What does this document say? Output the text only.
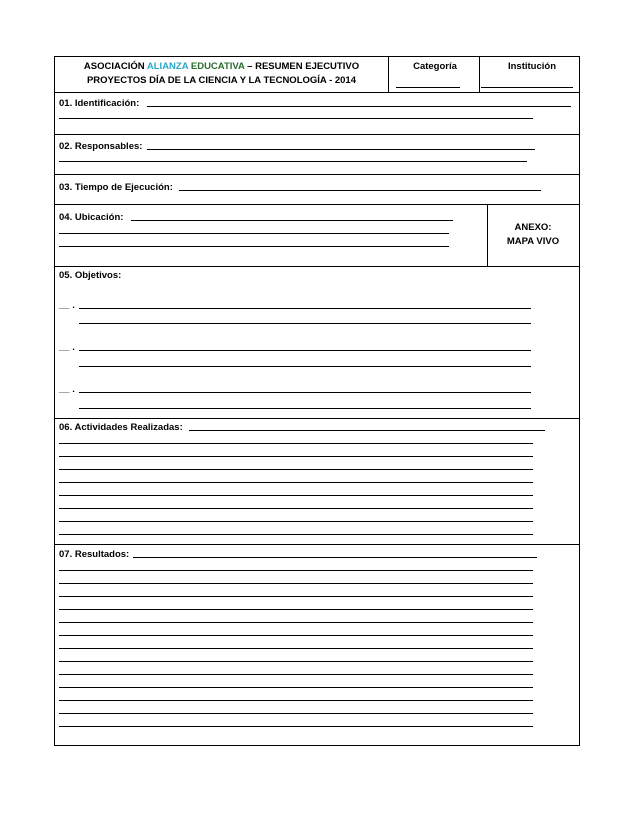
ASOCIACIÓN ALIANZA EDUCATIVA – RESUMEN EJECUTIVO
PROYECTOS DÍA DE LA CIENCIA Y LA TECNOLOGÍA - 2014
Categoría	Institución
01. Identificación:
02. Responsables:
03. Tiempo de Ejecución:
04. Ubicación:
ANEXO:
MAPA VIVO
05. Objetivos:
__ .
__ .
__ .
06. Actividades Realizadas:
07. Resultados:
